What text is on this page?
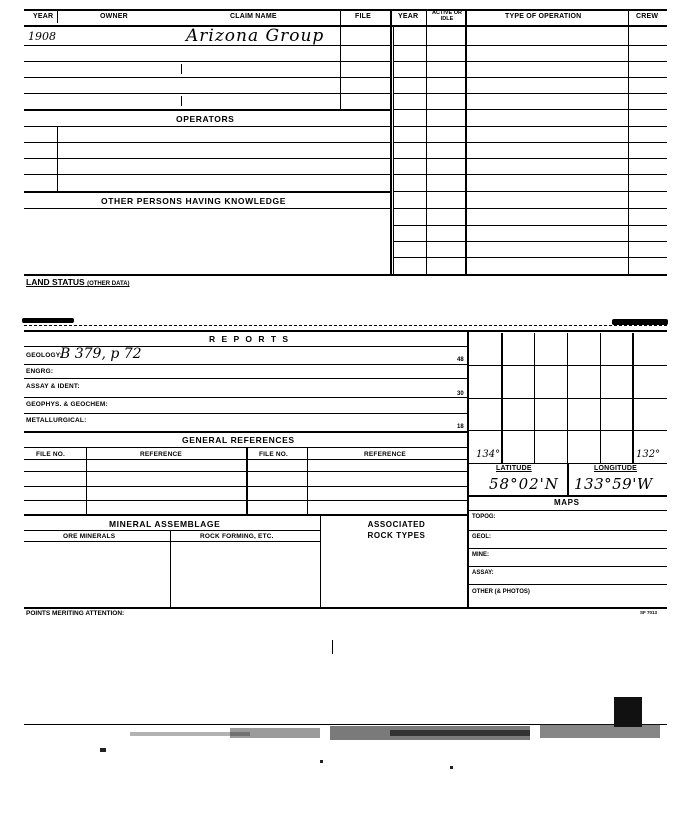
YEAR	OWNER	CLAIM NAME	FILE	YEAR	ACTIVE OR IDLE	TYPE OF OPERATION	CREW
1908	Arizona Group
OPERATORS
OTHER PERSONS HAVING KNOWLEDGE
LAND STATUS (OTHER DATA)
R E P O R T S
GEOLOGY:
B 379, p 72	48
ENGRG:
ASSAY & IDENT:
30
GEOPHYS. & GEOCHEM:
METALLURGICAL:
18
GENERAL REFERENCES
FILE NO.	REFERENCE	FILE NO.	REFERENCE
MINERAL ASSEMBLAGE	ASSOCIATED ROCK TYPES
ORE MINERALS	ROCK FORMING, ETC.
134°	132°
LATITUDE	LONGITUDE
58°02'N 133°59'W
MAPS
TOPOG:
GEOL:
MINE:
ASSAY:
OTHER (& PHOTOS)
POINTS MERITING ATTENTION:	SF 7013
